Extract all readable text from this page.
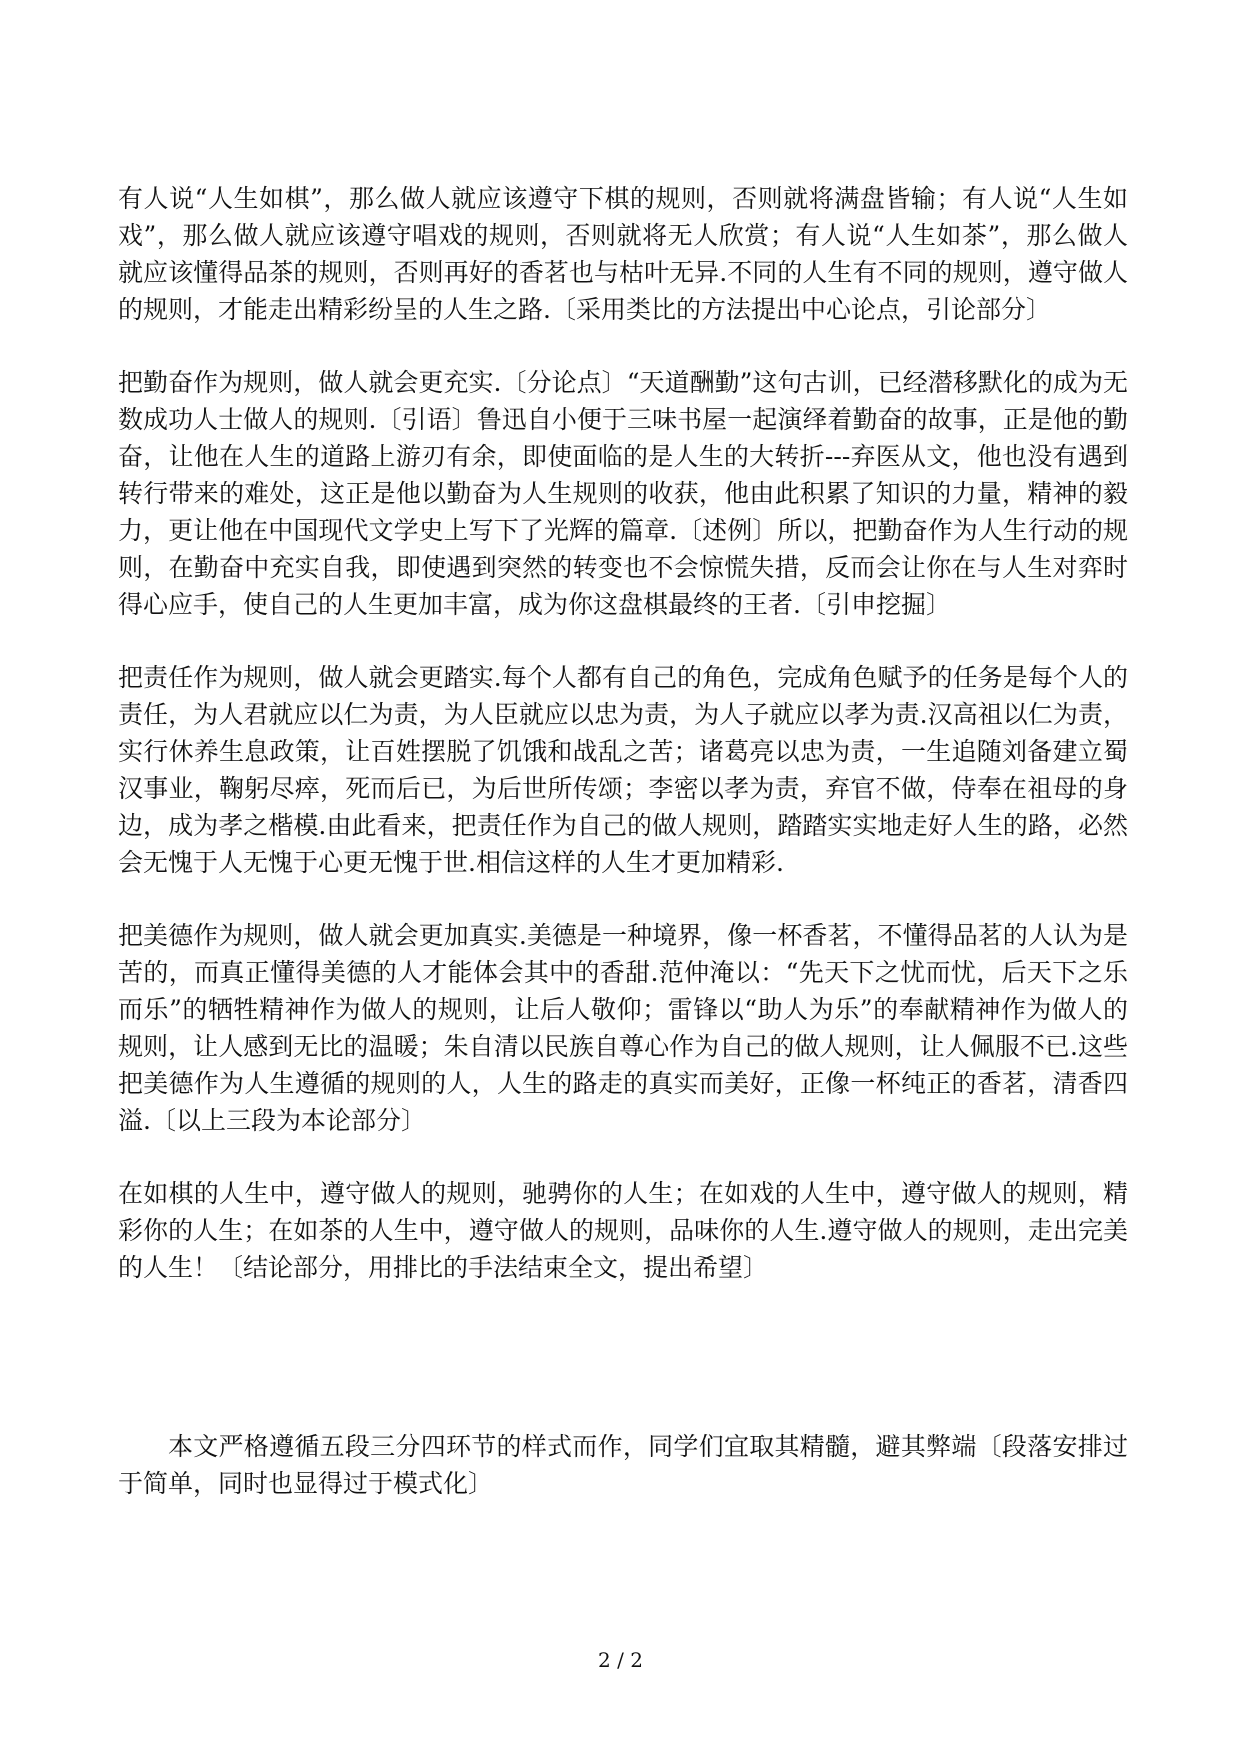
有人说“人生如棋”，那么做人就应该遵守下棋的规则，否则就将满盘皆输；有人说“人生如戏”，那么做人就应该遵守唱戏的规则，否则就将无人欣赏；有人说“人生如茶”，那么做人就应该懂得品茶的规则，否则再好的香茗也与枯叶无异.不同的人生有不同的规则，遵守做人的规则，才能走出精彩纷呈的人生之路.〔采用类比的方法提出中心论点，引论部分〕

把勤奋作为规则，做人就会更充实.〔分论点〕“天道酬勤”这句古训，已经潜移默化的成为无数成功人士做人的规则.〔引语〕鲁迅自小便于三味书屋一起演绎着勤奋的故事，正是他的勤奋，让他在人生的道路上游刃有余，即使面临的是人生的大转折---弃医从文，他也没有遇到转行带来的难处，这正是他以勤奋为人生规则的收获，他由此积累了知识的力量，精神的毅力，更让他在中国现代文学史上写下了光辉的篇章.〔述例〕所以，把勤奋作为人生行动的规则，在勤奋中充实自我，即使遇到突然的转变也不会惊慌失措，反而会让你在与人生对弈时得心应手，使自己的人生更加丰富，成为你这盘棋最终的王者.〔引申挖掘〕

把责任作为规则，做人就会更踏实.每个人都有自己的角色，完成角色赋予的任务是每个人的责任，为人君就应以仁为责，为人臣就应以忠为责，为人子就应以孝为责.汉高祖以仁为责，实行休养生息政策，让百姓摆脱了饥饿和战乱之苦；诸葛亮以忠为责，一生追随刘备建立蜀汉事业，鞠躬尽瘁，死而后已，为后世所传颂；李密以孝为责，弃官不做，侍奉在祖母的身边，成为孝之楷模.由此看来，把责任作为自己的做人规则，踏踏实实地走好人生的路，必然会无愧于人无愧于心更无愧于世.相信这样的人生才更加精彩.

把美德作为规则，做人就会更加真实.美德是一种境界，像一杯香茗，不懂得品茗的人认为是苦的，而真正懂得美德的人才能体会其中的香甜.范仲淹以：“先天下之忧而忧，后天下之乐而乐”的牺牲精神作为做人的规则，让后人敬仰；雷锋以“助人为乐”的奉献精神作为做人的规则，让人感到无比的温暖；朱自清以民族自尊心作为自己的做人规则，让人佩服不已.这些把美德作为人生遵循的规则的人，人生的路走的真实而美好，正像一杯纯正的香茗，清香四溢.〔以上三段为本论部分〕

在如棋的人生中，遵守做人的规则，驰骋你的人生；在如戏的人生中，遵守做人的规则，精彩你的人生；在如茶的人生中，遵守做人的规则，品味你的人生.遵守做人的规则，走出完美的人生！〔结论部分，用排比的手法结束全文，提出希望〕

本文严格遵循五段三分四环节的样式而作，同学们宜取其精髓，避其弊端〔段落安排过于简单，同时也显得过于模式化〕

2 / 2
